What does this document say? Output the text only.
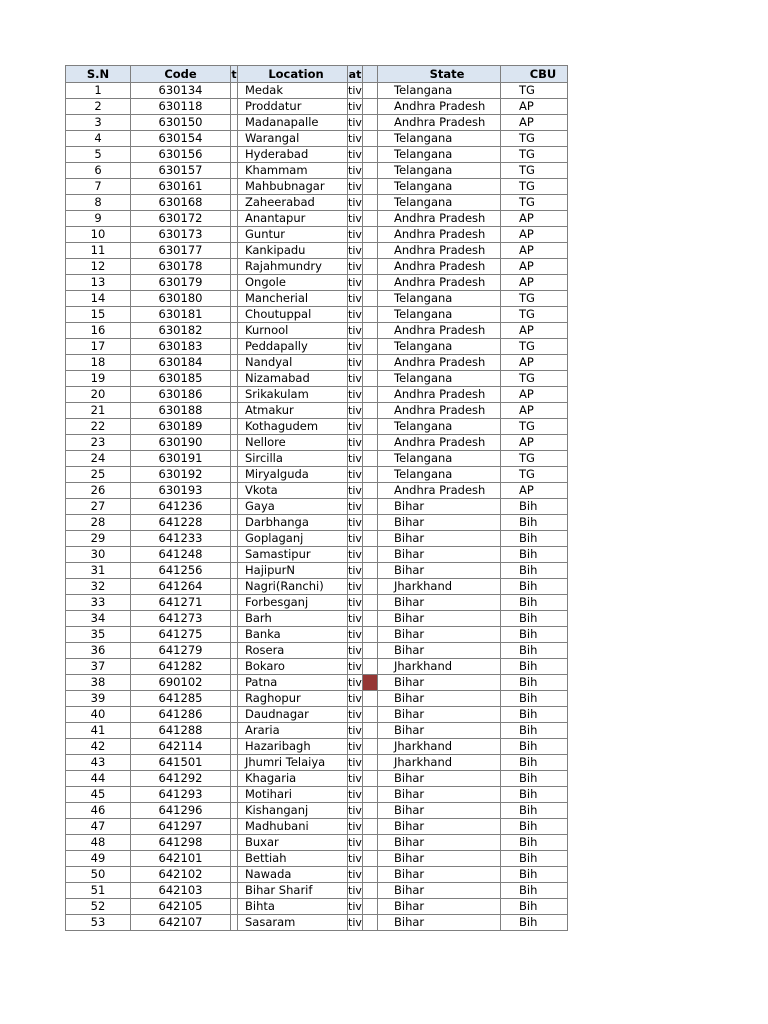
S.N	Code	t	Location	at		State	CBU
1	630134		Medak	tiv		Telangana	TG
2	630118		Proddatur	tiv		Andhra Pradesh	AP
3	630150		Madanapalle	tiv		Andhra Pradesh	AP
4	630154		Warangal	tiv		Telangana	TG
5	630156		Hyderabad	tiv		Telangana	TG
6	630157		Khammam	tiv		Telangana	TG
7	630161		Mahbubnagar	tiv		Telangana	TG
8	630168		Zaheerabad	tiv		Telangana	TG
9	630172		Anantapur	tiv		Andhra Pradesh	AP
10	630173		Guntur	tiv		Andhra Pradesh	AP
11	630177		Kankipadu	tiv		Andhra Pradesh	AP
12	630178		Rajahmundry	tiv		Andhra Pradesh	AP
13	630179		Ongole	tiv		Andhra Pradesh	AP
14	630180		Mancherial	tiv		Telangana	TG
15	630181		Choutuppal	tiv		Telangana	TG
16	630182		Kurnool	tiv		Andhra Pradesh	AP
17	630183		Peddapally	tiv		Telangana	TG
18	630184		Nandyal	tiv		Andhra Pradesh	AP
19	630185		Nizamabad	tiv		Telangana	TG
20	630186		Srikakulam	tiv		Andhra Pradesh	AP
21	630188		Atmakur	tiv		Andhra Pradesh	AP
22	630189		Kothagudem	tiv		Telangana	TG
23	630190		Nellore	tiv		Andhra Pradesh	AP
24	630191		Sircilla	tiv		Telangana	TG
25	630192		Miryalguda	tiv		Telangana	TG
26	630193		Vkota	tiv		Andhra Pradesh	AP
27	641236		Gaya	tiv		Bihar	Bih
28	641228		Darbhanga	tiv		Bihar	Bih
29	641233		Goplaganj	tiv		Bihar	Bih
30	641248		Samastipur	tiv		Bihar	Bih
31	641256		HajipurN	tiv		Bihar	Bih
32	641264		Nagri(Ranchi)	tiv		Jharkhand	Bih
33	641271		Forbesganj	tiv		Bihar	Bih
34	641273		Barh	tiv		Bihar	Bih
35	641275		Banka	tiv		Bihar	Bih
36	641279		Rosera	tiv		Bihar	Bih
37	641282		Bokaro	tiv		Jharkhand	Bih
38	690102		Patna	tiv		Bihar	Bih
39	641285		Raghopur	tiv		Bihar	Bih
40	641286		Daudnagar	tiv		Bihar	Bih
41	641288		Araria	tiv		Bihar	Bih
42	642114		Hazaribagh	tiv		Jharkhand	Bih
43	641501		Jhumri Telaiya	tiv		Jharkhand	Bih
44	641292		Khagaria	tiv		Bihar	Bih
45	641293		Motihari	tiv		Bihar	Bih
46	641296		Kishanganj	tiv		Bihar	Bih
47	641297		Madhubani	tiv		Bihar	Bih
48	641298		Buxar	tiv		Bihar	Bih
49	642101		Bettiah	tiv		Bihar	Bih
50	642102		Nawada	tiv		Bihar	Bih
51	642103		Bihar Sharif	tiv		Bihar	Bih
52	642105		Bihta	tiv		Bihar	Bih
53	642107		Sasaram	tiv		Bihar	Bih
